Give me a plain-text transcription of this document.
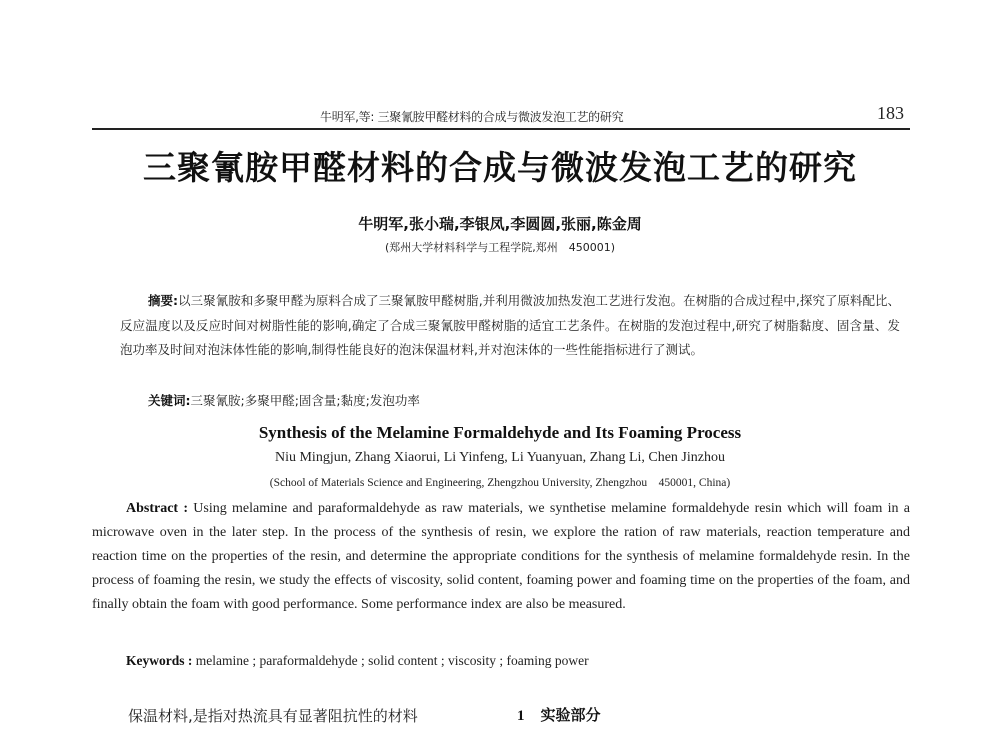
牛明军,等: 三聚氰胺甲醛材料的合成与微波发泡工艺的研究	183
三聚氰胺甲醛材料的合成与微波发泡工艺的研究
牛明军,张小瑞,李银凤,李圆圆,张丽,陈金周
(郑州大学材料科学与工程学院,郑州　450001)
摘要:以三聚氰胺和多聚甲醛为原料合成了三聚氰胺甲醛树脂,并利用微波加热发泡工艺进行发泡。在树脂的合成过程中,探究了原料配比、反应温度以及反应时间对树脂性能的影响,确定了合成三聚氰胺甲醛树脂的适宜工艺条件。在树脂的发泡过程中,研究了树脂黏度、固含量、发泡功率及时间对泡沫体性能的影响,制得性能良好的泡沫保温材料,并对泡沫体的一些性能指标进行了测试。
关键词:三聚氰胺;多聚甲醛;固含量;黏度;发泡功率
Synthesis of the Melamine Formaldehyde and Its Foaming Process
Niu Mingjun, Zhang Xiaorui, Li Yinfeng, Li Yuanyuan, Zhang Li, Chen Jinzhou
(School of Materials Science and Engineering, Zhengzhou University, Zhengzhou　450001, China)

Abstract : Using melamine and paraformaldehyde as raw materials, we synthetise melamine formaldehyde resin which will foam in a microwave oven in the later step. In the process of the synthesis of resin, we explore the ration of raw materials, reaction temperature and reaction time on the properties of the resin, and determine the appropriate conditions for the synthesis of melamine formaldehyde resin. In the process of foaming the resin, we study the effects of viscosity, solid content, foaming power and foaming time on the properties of the foam, and finally obtain the foam with good performance. Some performance index are also be measured.

Keywords : melamine ; paraformaldehyde ; solid content ; viscosity ; foaming power
保温材料,是指对热流具有显著阻抗性的材料	1 实验部分
